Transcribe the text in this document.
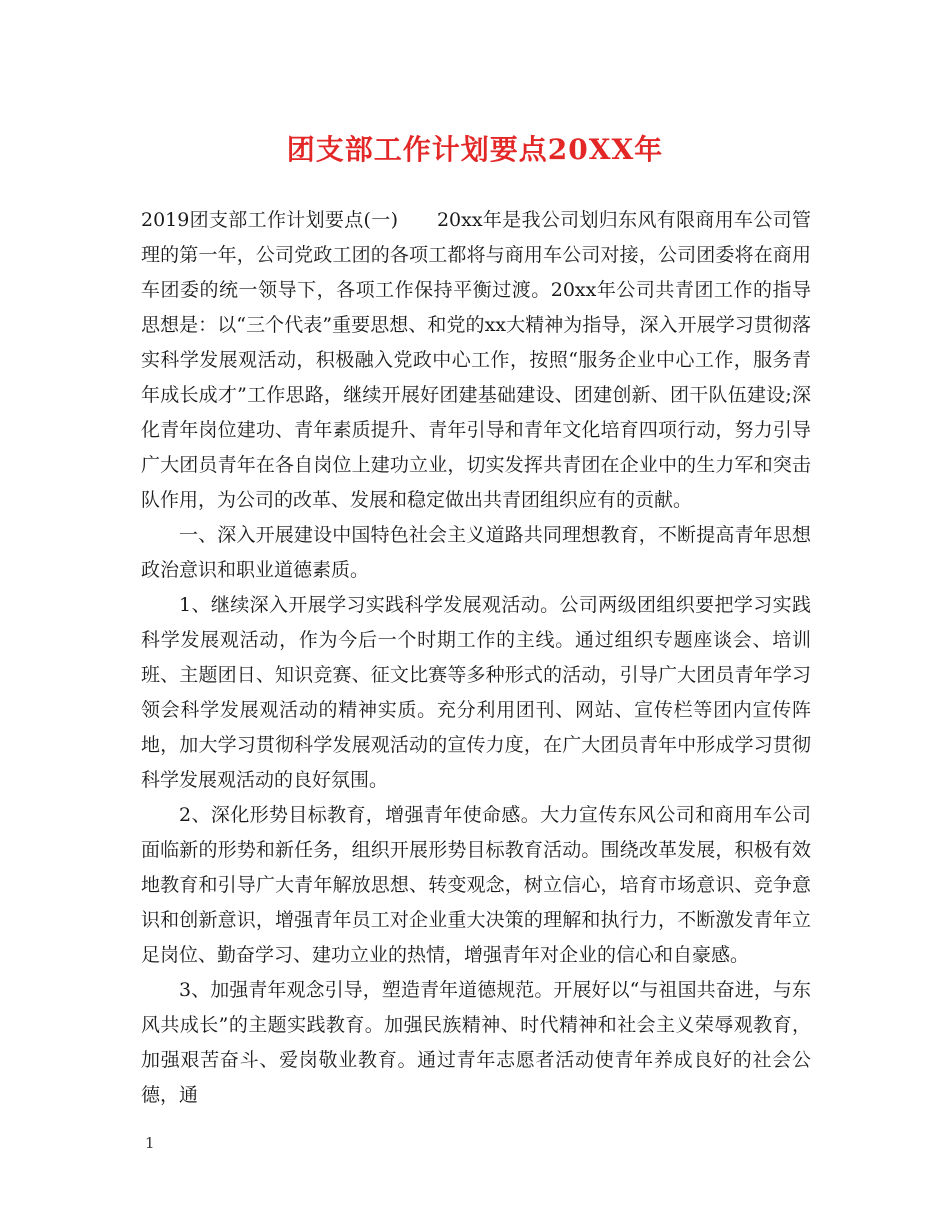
团支部工作计划要点20XX年

2019团支部工作计划要点(一)　　20xx年是我公司划归东风有限商用车公司管理的第一年，公司党政工团的各项工都将与商用车公司对接，公司团委将在商用车团委的统一领导下，各项工作保持平衡过渡。20xx年公司共青团工作的指导思想是：以“三个代表”重要思想、和党的xx大精神为指导，深入开展学习贯彻落实科学发展观活动，积极融入党政中心工作，按照“服务企业中心工作，服务青年成长成才”工作思路，继续开展好团建基础建设、团建创新、团干队伍建设;深化青年岗位建功、青年素质提升、青年引导和青年文化培育四项行动，努力引导广大团员青年在各自岗位上建功立业，切实发挥共青团在企业中的生力军和突击队作用，为公司的改革、发展和稳定做出共青团组织应有的贡献。

一、深入开展建设中国特色社会主义道路共同理想教育，不断提高青年思想政治意识和职业道德素质。

1、继续深入开展学习实践科学发展观活动。公司两级团组织要把学习实践科学发展观活动，作为今后一个时期工作的主线。通过组织专题座谈会、培训班、主题团日、知识竞赛、征文比赛等多种形式的活动，引导广大团员青年学习领会科学发展观活动的精神实质。充分利用团刊、网站、宣传栏等团内宣传阵地，加大学习贯彻科学发展观活动的宣传力度，在广大团员青年中形成学习贯彻科学发展观活动的良好氛围。

2、深化形势目标教育，增强青年使命感。大力宣传东风公司和商用车公司面临新的形势和新任务，组织开展形势目标教育活动。围绕改革发展，积极有效地教育和引导广大青年解放思想、转变观念，树立信心，培育市场意识、竞争意识和创新意识，增强青年员工对企业重大决策的理解和执行力，不断激发青年立足岗位、勤奋学习、建功立业的热情，增强青年对企业的信心和自豪感。

3、加强青年观念引导，塑造青年道德规范。开展好以“与祖国共奋进，与东风共成长”的主题实践教育。加强民族精神、时代精神和社会主义荣辱观教育，加强艰苦奋斗、爱岗敬业教育。通过青年志愿者活动使青年养成良好的社会公德，通

1
